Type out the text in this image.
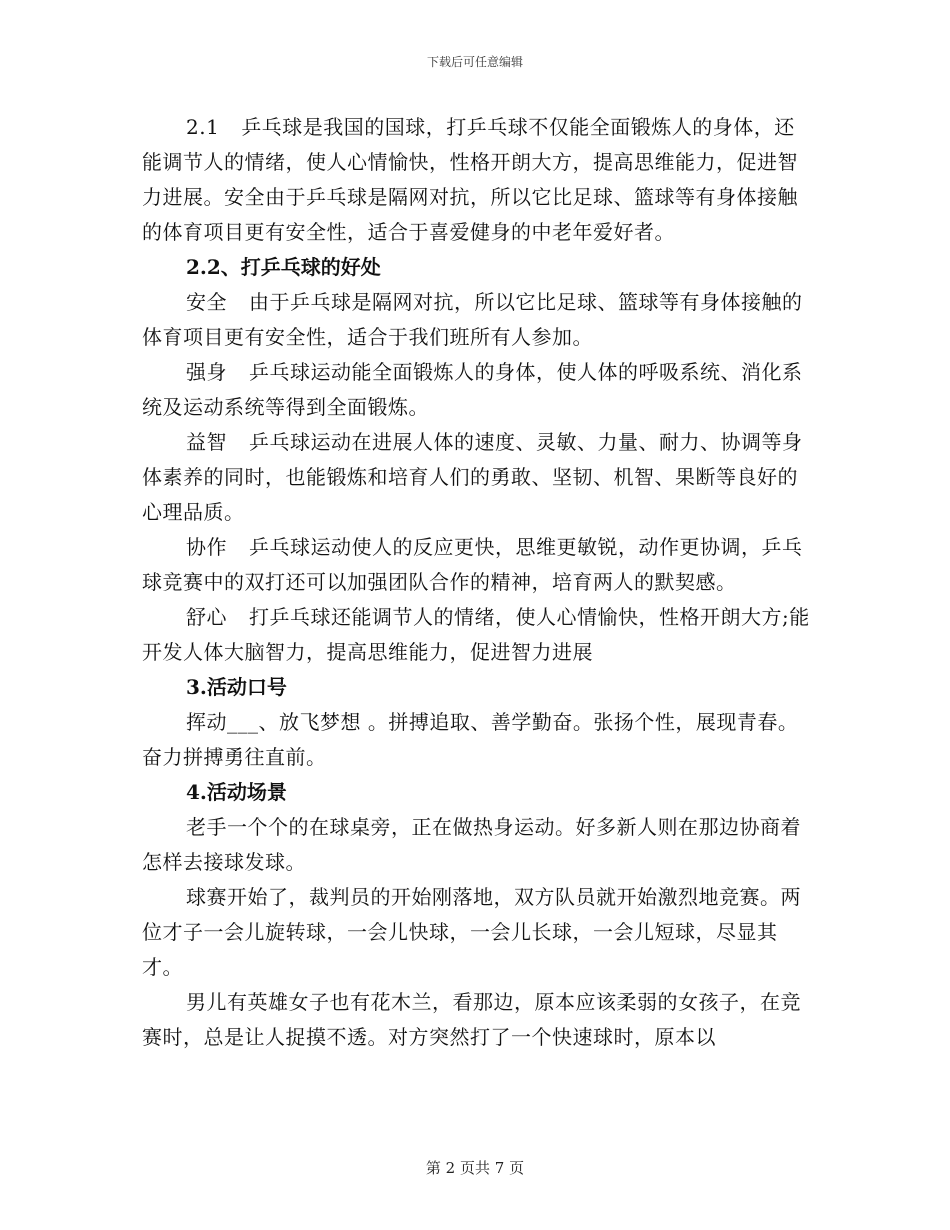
下载后可任意编辑

2.1 乒乓球是我国的国球，打乒乓球不仅能全面锻炼人的身体，还能调节人的情绪，使人心情愉快，性格开朗大方，提高思维能力，促进智力进展。安全由于乒乓球是隔网对抗，所以它比足球、篮球等有身体接触的体育项目更有安全性，适合于喜爱健身的中老年爱好者。

2.2、打乒乓球的好处

安全 由于乒乓球是隔网对抗，所以它比足球、篮球等有身体接触的体育项目更有安全性，适合于我们班所有人参加。

强身 乒乓球运动能全面锻炼人的身体，使人体的呼吸系统、消化系统及运动系统等得到全面锻炼。

益智 乒乓球运动在进展人体的速度、灵敏、力量、耐力、协调等身体素养的同时，也能锻炼和培育人们的勇敢、坚韧、机智、果断等良好的心理品质。

协作 乒乓球运动使人的反应更快，思维更敏锐，动作更协调，乒乓球竞赛中的双打还可以加强团队合作的精神，培育两人的默契感。

舒心 打乒乓球还能调节人的情绪，使人心情愉快，性格开朗大方;能开发人体大脑智力，提高思维能力，促进智力进展

3.活动口号

挥动___、放飞梦想 。拼搏追取、善学勤奋。张扬个性，展现青春。奋力拼搏勇往直前。

4.活动场景

老手一个个的在球桌旁，正在做热身运动。好多新人则在那边协商着怎样去接球发球。

球赛开始了，裁判员的开始刚落地，双方队员就开始激烈地竞赛。两位才子一会儿旋转球，一会儿快球，一会儿长球，一会儿短球，尽显其才。

男儿有英雄女子也有花木兰，看那边，原本应该柔弱的女孩子，在竞赛时，总是让人捉摸不透。对方突然打了一个快速球时，原本以

第 2 页共 7 页
